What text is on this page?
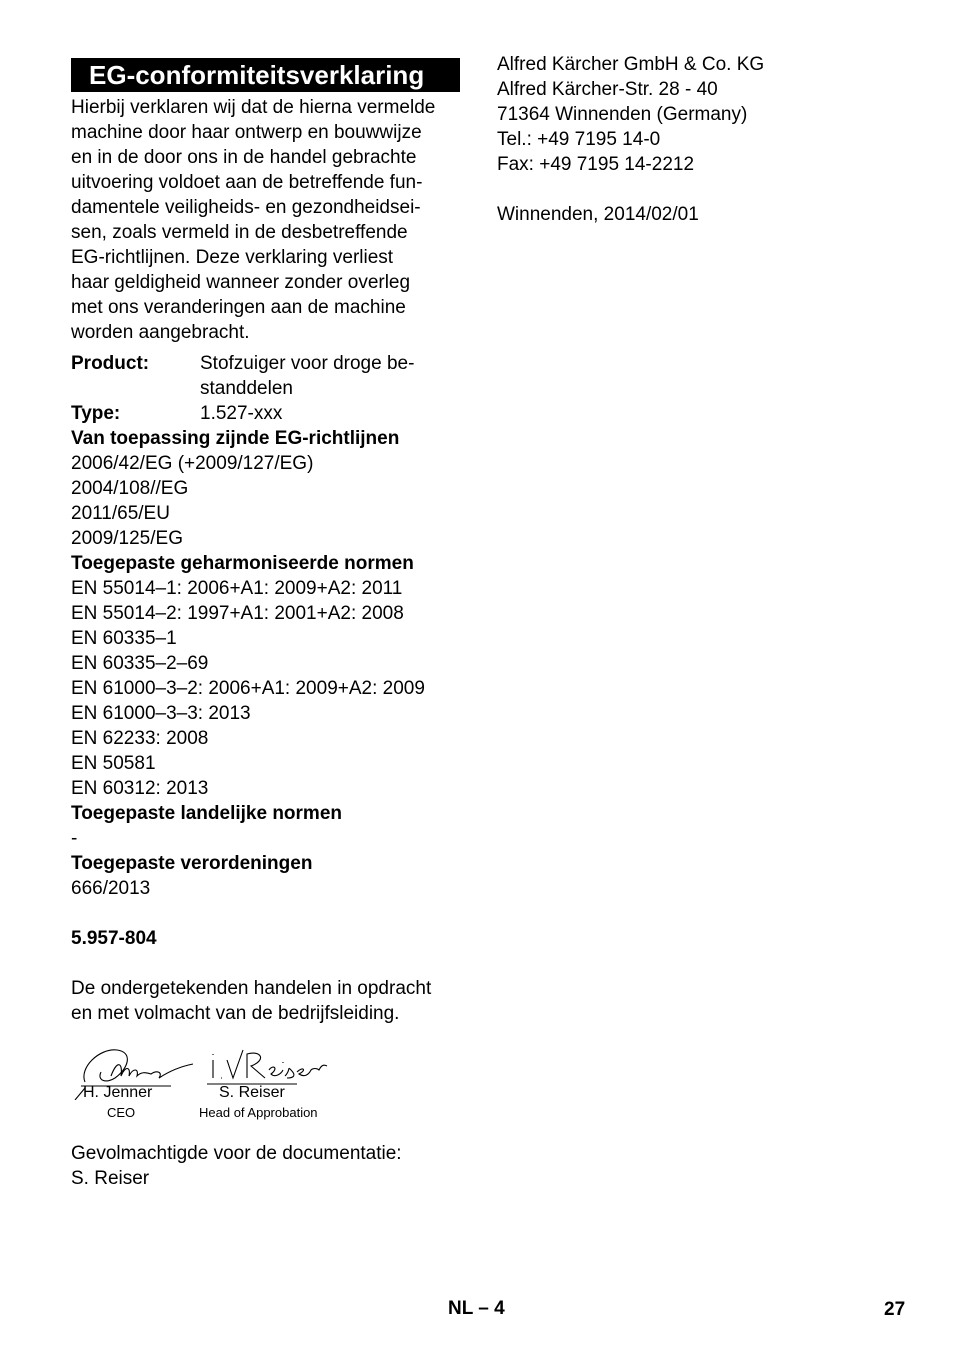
EG-conformiteitsverklaring

Hierbij verklaren wij dat de hierna vermelde

machine door haar ontwerp en bouwwijze

en in de door ons in de handel gebrachte

uitvoering voldoet aan de betreffende fun-

damentele veiligheids- en gezondheidsei-

sen, zoals vermeld in de desbetreffende

EG-richtlijnen. Deze verklaring verliest

haar geldigheid wanneer zonder overleg

met ons veranderingen aan de machine

worden aangebracht.

Product:	Stofzuiger voor droge be-
standdelen
Type:	1.527-xxx

Van toepassing zijnde EG-richtlijnen

2006/42/EG (+2009/127/EG)

2004/108//EG

2011/65/EU

2009/125/EG

Toegepaste geharmoniseerde normen

EN 55014–1: 2006+A1: 2009+A2: 2011

EN 55014–2: 1997+A1: 2001+A2: 2008

EN 60335–1

EN 60335–2–69

EN 61000–3–2: 2006+A1: 2009+A2: 2009

EN 61000–3–3: 2013

EN 62233: 2008

EN 50581

EN 60312: 2013

Toegepaste landelijke normen

-

Toegepaste verordeningen

666/2013

5.957-804

De ondergetekenden handelen in opdracht

en met volmacht van de bedrijfsleiding.

H. Jenner
CEO
S. Reiser
Head of Approbation

Gevolmachtigde voor de documentatie:

S. Reiser

Alfred Kärcher GmbH & Co. KG

Alfred Kärcher-Str. 28 - 40

71364 Winnenden (Germany)

Tel.: +49 7195 14-0

Fax: +49 7195 14-2212

Winnenden, 2014/02/01

NL – 4	27
